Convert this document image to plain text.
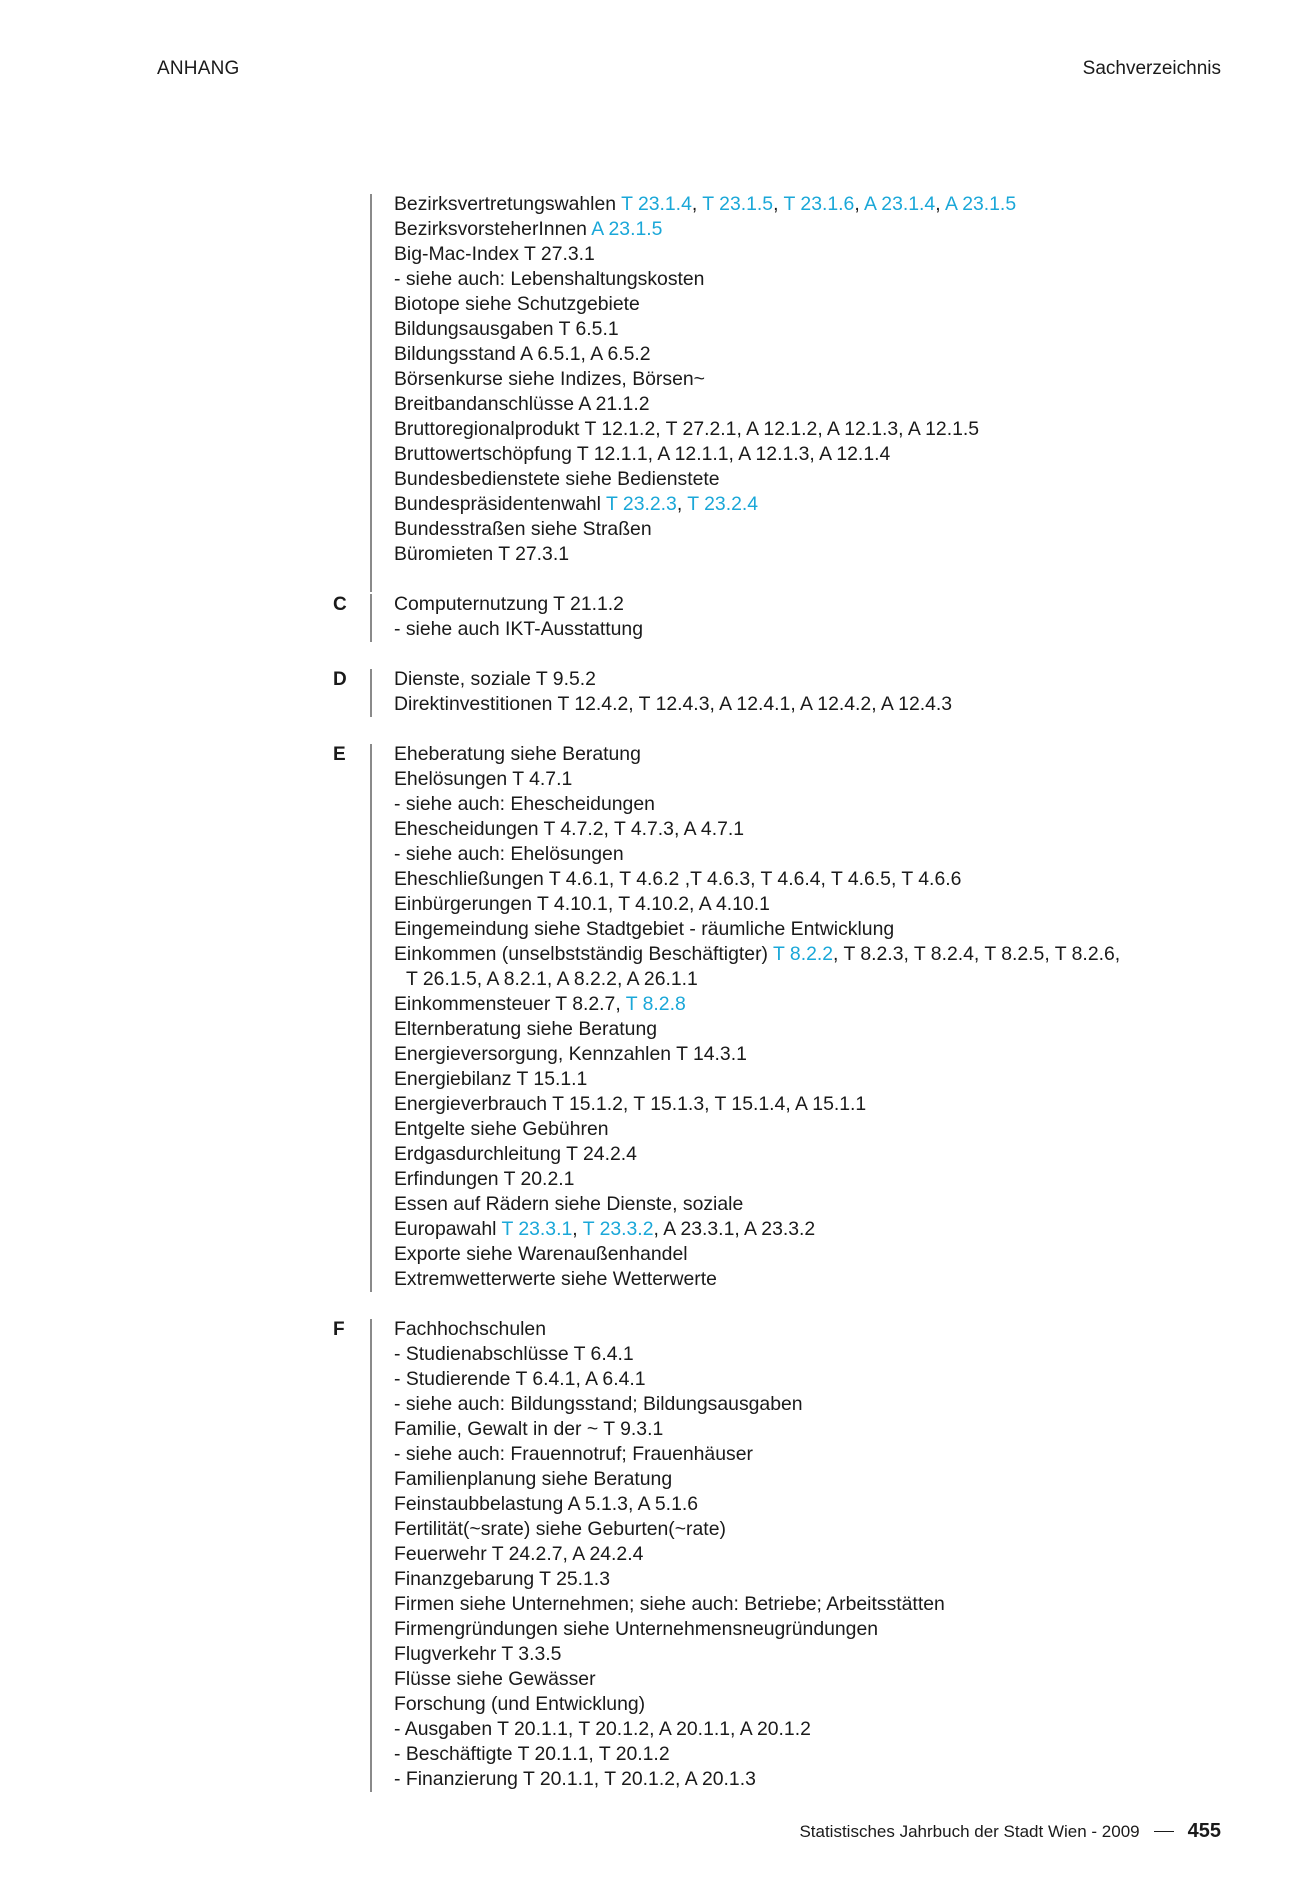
ANHANG	Sachverzeichnis
Bezirksvertretungswahlen T 23.1.4, T 23.1.5, T 23.1.6, A 23.1.4, A 23.1.5
BezirksvorsteherInnen A 23.1.5
Big-Mac-Index T 27.3.1
- siehe auch: Lebenshaltungskosten
Biotope siehe Schutzgebiete
Bildungsausgaben T 6.5.1
Bildungsstand A 6.5.1, A 6.5.2
Börsenkurse siehe Indizes, Börsen~
Breitbandanschlüsse A 21.1.2
Bruttoregionalprodukt T 12.1.2, T 27.2.1, A 12.1.2, A 12.1.3, A 12.1.5
Bruttowertschöpfung T 12.1.1, A 12.1.1, A 12.1.3, A 12.1.4
Bundesbedienstete siehe Bedienstete
Bundespräsidentenwahl T 23.2.3, T 23.2.4
Bundesstraßen siehe Straßen
Büromieten T 27.3.1
C Computernutzung T 21.1.2
- siehe auch IKT-Ausstattung
D Dienste, soziale T 9.5.2
Direktinvestitionen T 12.4.2, T 12.4.3, A 12.4.1, A 12.4.2, A 12.4.3
E Eheberatung siehe Beratung
Ehelösungen T 4.7.1
- siehe auch: Ehescheidungen
Ehescheidungen T 4.7.2, T 4.7.3, A 4.7.1
- siehe auch: Ehelösungen
Eheschließungen T 4.6.1, T 4.6.2 ,T 4.6.3, T 4.6.4, T 4.6.5, T 4.6.6
Einbürgerungen T 4.10.1, T 4.10.2, A 4.10.1
Eingemeindung siehe Stadtgebiet - räumliche Entwicklung
Einkommen (unselbstständig Beschäftigter) T 8.2.2, T 8.2.3, T 8.2.4, T 8.2.5, T 8.2.6,
T 26.1.5, A 8.2.1, A 8.2.2, A 26.1.1
Einkommensteuer T 8.2.7, T 8.2.8
Elternberatung siehe Beratung
Energieversorgung, Kennzahlen T 14.3.1
Energiebilanz T 15.1.1
Energieverbrauch T 15.1.2, T 15.1.3, T 15.1.4, A 15.1.1
Entgelte siehe Gebühren
Erdgasdurchleitung T 24.2.4
Erfindungen T 20.2.1
Essen auf Rädern siehe Dienste, soziale
Europawahl T 23.3.1, T 23.3.2, A 23.3.1, A 23.3.2
Exporte siehe Warenaußenhandel
Extremwetterwerte siehe Wetterwerte
F	Fachhochschulen
- Studienabschlüsse T 6.4.1
- Studierende T 6.4.1, A 6.4.1
- siehe auch: Bildungsstand; Bildungsausgaben
Familie, Gewalt in der ~ T 9.3.1
- siehe auch: Frauennotruf; Frauenhäuser
Familienplanung siehe Beratung
Feinstaubbelastung A 5.1.3, A 5.1.6
Fertilität(~srate) siehe Geburten(~rate)
Feuerwehr T 24.2.7, A 24.2.4
Finanzgebarung T 25.1.3
Firmen siehe Unternehmen; siehe auch: Betriebe; Arbeitsstätten
Firmengründungen siehe Unternehmensneugründungen
Flugverkehr T 3.3.5
Flüsse siehe Gewässer
Forschung (und Entwicklung)
- Ausgaben T 20.1.1, T 20.1.2, A 20.1.1, A 20.1.2
- Beschäftigte T 20.1.1, T 20.1.2
- Finanzierung T 20.1.1, T 20.1.2, A 20.1.3
Statistisches Jahrbuch der Stadt Wien - 2009 455
